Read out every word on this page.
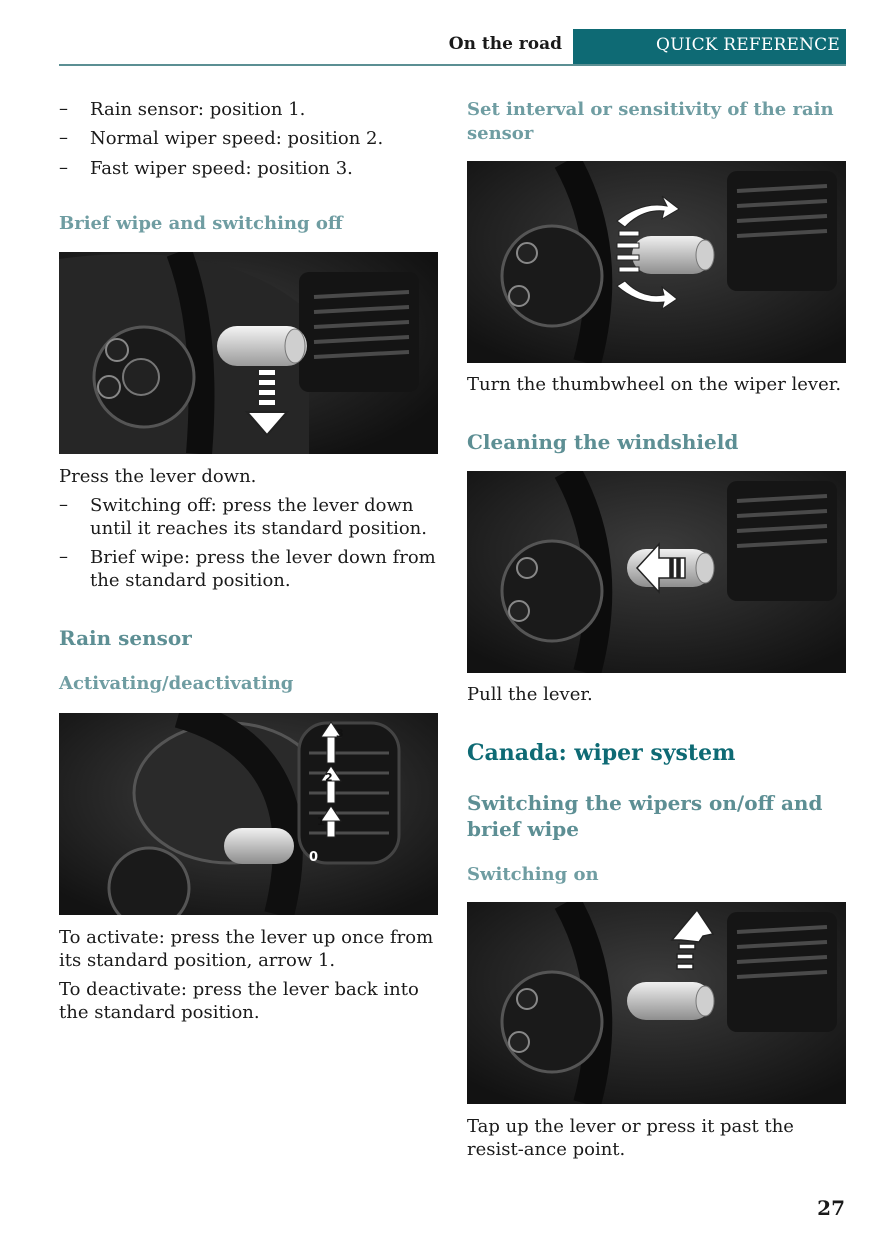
On the road	QUICK REFERENCE
– Rain sensor: position 1.
– Normal wiper speed: position 2.
– Fast wiper speed: position 3.
Brief wipe and switching off
Press the lever down.
– Switching off: press the lever down until it reaches its standard position.
– Brief wipe: press the lever down from the standard position.
Rain sensor
Activating/deactivating
3
2
1
0
To activate: press the lever up once from its standard position, arrow 1.
To deactivate: press the lever back into the standard position.
Set interval or sensitivity of the rain sensor
Turn the thumbwheel on the wiper lever.
Cleaning the windshield
Pull the lever.
Canada: wiper system
Switching the wipers on/off and brief wipe
Switching on
Tap up the lever or press it past the resist-ance point.
27
